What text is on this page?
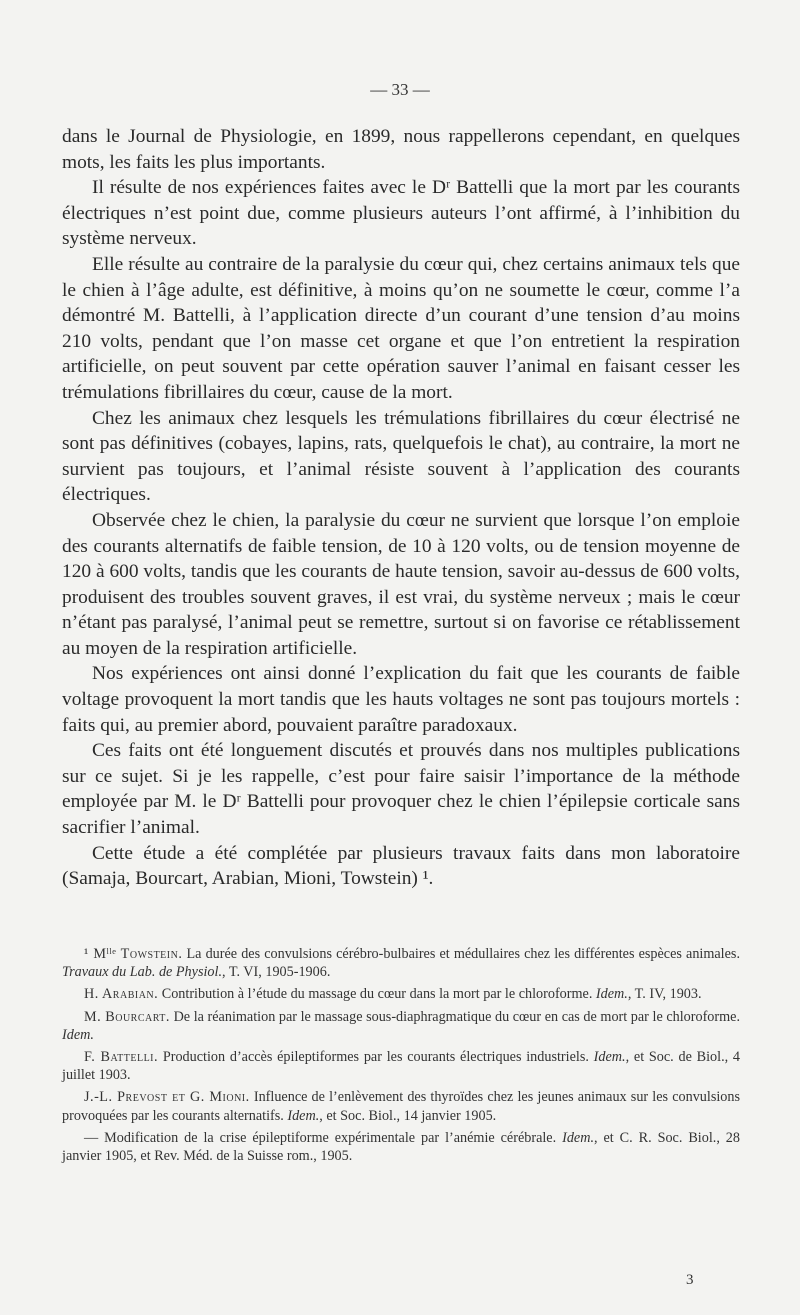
— 33 —

dans le Journal de Physiologie, en 1899, nous rappellerons cependant, en quelques mots, les faits les plus importants.

Il résulte de nos expériences faites avec le Dʳ Battelli que la mort par les courants électriques n’est point due, comme plusieurs auteurs l’ont affirmé, à l’inhibition du système nerveux.

Elle résulte au contraire de la paralysie du cœur qui, chez certains animaux tels que le chien à l’âge adulte, est définitive, à moins qu’on ne soumette le cœur, comme l’a démontré M. Battelli, à l’application directe d’un courant d’une tension d’au moins 210 volts, pendant que l’on masse cet organe et que l’on entretient la respiration artificielle, on peut souvent par cette opération sauver l’animal en faisant cesser les trémulations fibrillaires du cœur, cause de la mort.

Chez les animaux chez lesquels les trémulations fibrillaires du cœur électrisé ne sont pas définitives (cobayes, lapins, rats, quelquefois le chat), au contraire, la mort ne survient pas toujours, et l’animal résiste souvent à l’application des courants électriques.

Observée chez le chien, la paralysie du cœur ne survient que lorsque l’on emploie des courants alternatifs de faible tension, de 10 à 120 volts, ou de tension moyenne de 120 à 600 volts, tandis que les courants de haute tension, savoir au-dessus de 600 volts, produisent des troubles souvent graves, il est vrai, du système nerveux ; mais le cœur n’étant pas paralysé, l’animal peut se remettre, surtout si on favorise ce rétablissement au moyen de la respiration artificielle.

Nos expériences ont ainsi donné l’explication du fait que les courants de faible voltage provoquent la mort tandis que les hauts voltages ne sont pas toujours mortels : faits qui, au premier abord, pouvaient paraître paradoxaux.

Ces faits ont été longuement discutés et prouvés dans nos multiples publications sur ce sujet. Si je les rappelle, c’est pour faire saisir l’importance de la méthode employée par M. le Dʳ Battelli pour provoquer chez le chien l’épilepsie corticale sans sacrifier l’animal.

Cette étude a été complétée par plusieurs travaux faits dans mon laboratoire (Samaja, Bourcart, Arabian, Mioni, Towstein) ¹.

¹ Mˡˡᵉ Towstein. La durée des convulsions cérébro-bulbaires et médullaires chez les différentes espèces animales. Travaux du Lab. de Physiol., T. VI, 1905-1906.

H. Arabian. Contribution à l’étude du massage du cœur dans la mort par le chloroforme. Idem., T. IV, 1903.

M. Bourcart. De la réanimation par le massage sous-diaphragmatique du cœur en cas de mort par le chloroforme. Idem.

F. Battelli. Production d’accès épileptiformes par les courants électriques industriels. Idem., et Soc. de Biol., 4 juillet 1903.

J.-L. Prevost et G. Mioni. Influence de l’enlèvement des thyroïdes chez les jeunes animaux sur les convulsions provoquées par les courants alternatifs. Idem., et Soc. Biol., 14 janvier 1905.

— Modification de la crise épileptiforme expérimentale par l’anémie cérébrale. Idem., et C. R. Soc. Biol., 28 janvier 1905, et Rev. Méd. de la Suisse rom., 1905.

3
